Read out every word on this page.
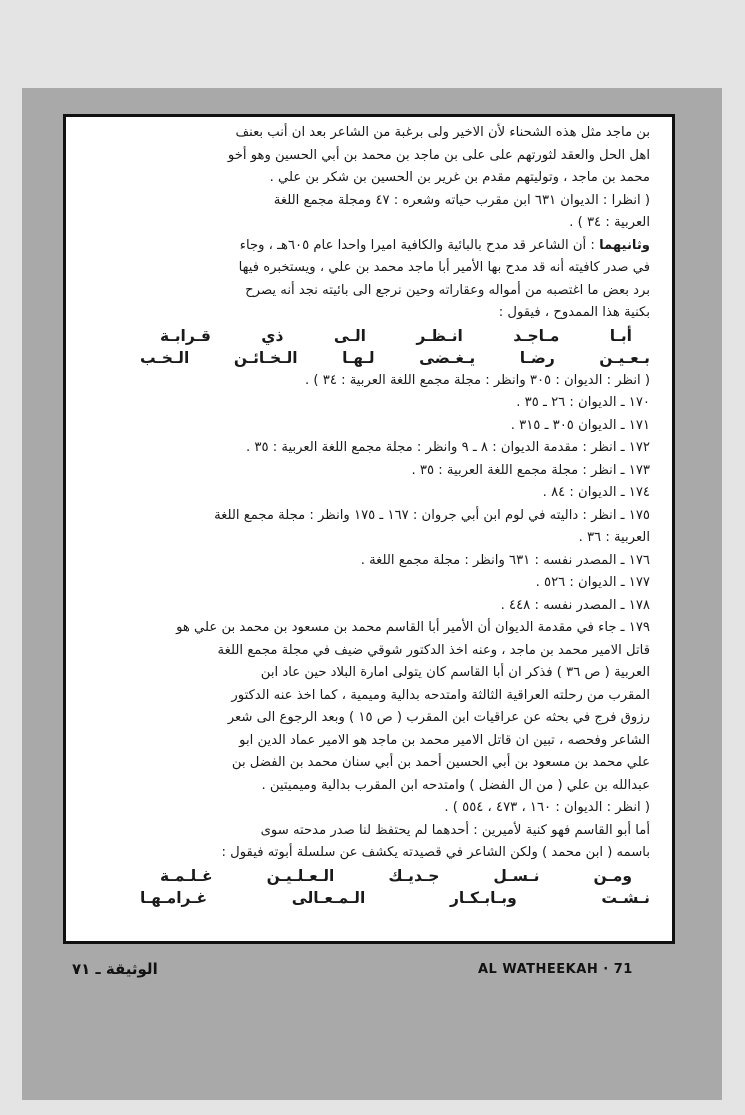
بن ماجد مثل هذه الشحناء لأن الاخير ولى برغبة من الشاعر بعد ان أنب بعنف

اهل الحل والعقد لثورتهم على على بن ماجد بن محمد بن أبي الحسين وهو أخو

محمد بن ماجد ، وتوليتهم مقدم بن غرير بن الحسين بن شكر بن علي .

( انظرا : الديوان ٦٣١ ابن مقرب حياته وشعره : ٤٧ ومجلة مجمع اللغة

العربية : ٣٤ ) .

وثانيهما : أن الشاعر قد مدح بالبائية والكافية اميرا واحدا عام ٦٠٥هـ ، وجاء

في صدر كافيته أنه قد مدح بها الأمير أبا ماجد محمد بن علي ، ويستخبره فيها

برد بعض ما اغتصبه من أمواله وعقاراته وحين نرجع الى بائيته نجد أنه يصرح

بكنية هذا الممدوح ، فيقول :

أبـا مـاجـد انـظـر الـى ذي قـرابـة

بـعـيـن رضـا يـغـضى لـهـا الـخـائـن الـخـب

( انظر : الديوان : ٣٠٥ وانظر : مجلة مجمع اللغة العربية : ٣٤ ) .

١٧٠ ـ الديوان : ٢٦ ـ ٣٥ .

١٧١ ـ الديوان ٣٠٥ ـ ٣١٥ .

١٧٢ ـ انظر : مقدمة الديوان : ٨ ـ ٩ وانظر : مجلة مجمع اللغة العربية : ٣٥ .

١٧٣ ـ انظر : مجلة مجمع اللغة العربية : ٣٥ .

١٧٤ ـ الديوان : ٨٤ .

١٧٥ ـ انظر : داليته في لوم ابن أبي جروان : ١٦٧ ـ ١٧٥ وانظر : مجلة مجمع اللغة

العربية : ٣٦ .

١٧٦ ـ المصدر نفسه : ٦٣١ وانظر : مجلة مجمع اللغة .

١٧٧ ـ الديوان : ٥٢٦ .

١٧٨ ـ المصدر نفسه : ٤٤٨ .

١٧٩ ـ جاء في مقدمة الديوان أن الأمير أبا القاسم محمد بن مسعود بن محمد بن علي هو

قاتل الامير محمد بن ماجد ، وعنه اخذ الدكتور شوقي ضيف في مجلة مجمع اللغة

العربية ( ص ٣٦ ) فذكر ان أبا القاسم كان يتولى امارة البلاد حين عاد ابن

المقرب من رحلته العراقية الثالثة وامتدحه بدالية وميمية ، كما اخذ عنه الدكتور

رزوق فرج في بحثه عن عراقيات ابن المقرب ( ص ١٥ ) وبعد الرجوع الى شعر

الشاعر وفحصه ، تبين ان قاتل الامير محمد بن ماجد هو الامير عماد الدين ابو

علي محمد بن مسعود بن أبي الحسين أحمد بن أبي سنان محمد بن الفضل بن

عبدالله بن علي ( من ال الفضل ) وامتدحه ابن المقرب بدالية وميميتين .

( انظر : الديوان : ١٦٠ ، ٤٧٣ ، ٥٥٤ ) .

أما أبو القاسم فهو كنية لأميرين : أحدهما لم يحتفظ لنا صدر مدحته سوى

باسمه ( ابن محمد ) ولكن الشاعر في قصيدته يكشف عن سلسلة أبوته فيقول :

ومـن نـسـل جـديـك الـعـلـيـن غـلـمـة

نـشـت وبـابـكـار الـمـعـالى غـرامـهـا

الوثيقة ـ ٧١	AL WATHEEKAH · 71
